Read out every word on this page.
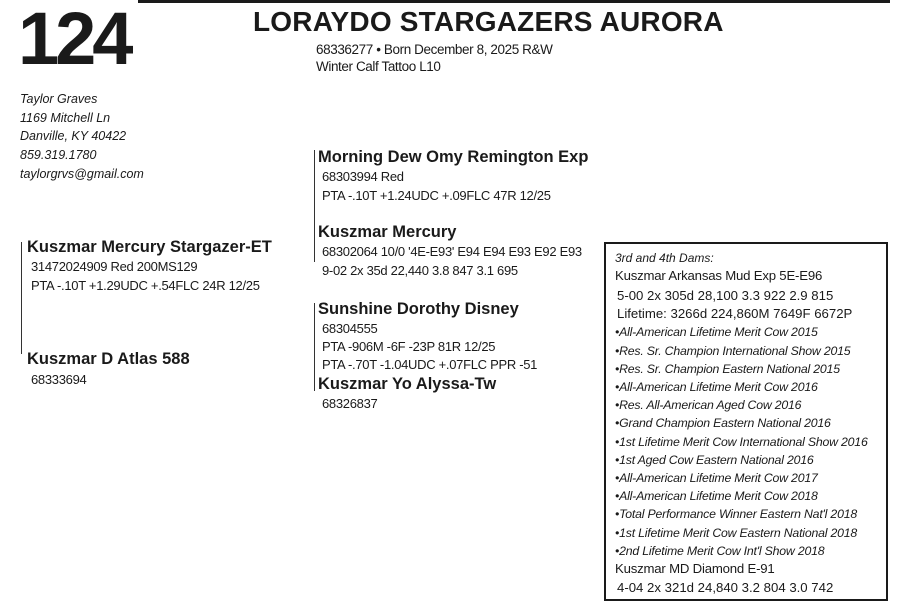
124	LORAYDO STARGAZERS AURORA
68336277 • Born December 8, 2025 R&W
Winter Calf Tattoo L10
Taylor Graves
1169 Mitchell Ln
Danville, KY 40422
859.319.1780
taylorgrvs@gmail.com
Kuszmar Mercury Stargazer-ET
31472024909 Red 200MS129
PTA -.10T +1.29UDC +.54FLC 24R 12/25
Kuszmar D Atlas 588
68333694
Morning Dew Omy Remington Exp
68303994 Red
PTA -.10T +1.24UDC +.09FLC 47R 12/25
Kuszmar Mercury
68302064 10/0 '4E-E93' E94 E94 E93 E92 E93
9-02 2x 35d 22,440 3.8 847 3.1 695
Sunshine Dorothy Disney
68304555
PTA -906M -6F -23P 81R 12/25
PTA -.70T -1.04UDC +.07FLC PPR -51
Kuszmar Yo Alyssa-Tw
68326837
3rd and 4th Dams:
Kuszmar Arkansas Mud Exp 5E-E96
5-00 2x 305d 28,100 3.3 922 2.9 815
Lifetime: 3266d 224,860M 7649F 6672P
•All-American Lifetime Merit Cow 2015
•Res. Sr. Champion International Show 2015
•Res. Sr. Champion Eastern National 2015
•All-American Lifetime Merit Cow 2016
•Res. All-American Aged Cow 2016
•Grand Champion Eastern National 2016
•1st Lifetime Merit Cow International Show 2016
•1st Aged Cow Eastern National 2016
•All-American Lifetime Merit Cow 2017
•All-American Lifetime Merit Cow 2018
•Total Performance Winner Eastern Nat'l 2018
•1st Lifetime Merit Cow Eastern National 2018
•2nd Lifetime Merit Cow Int'l Show 2018
Kuszmar MD Diamond E-91
4-04 2x 321d 24,840 3.2 804 3.0 742
